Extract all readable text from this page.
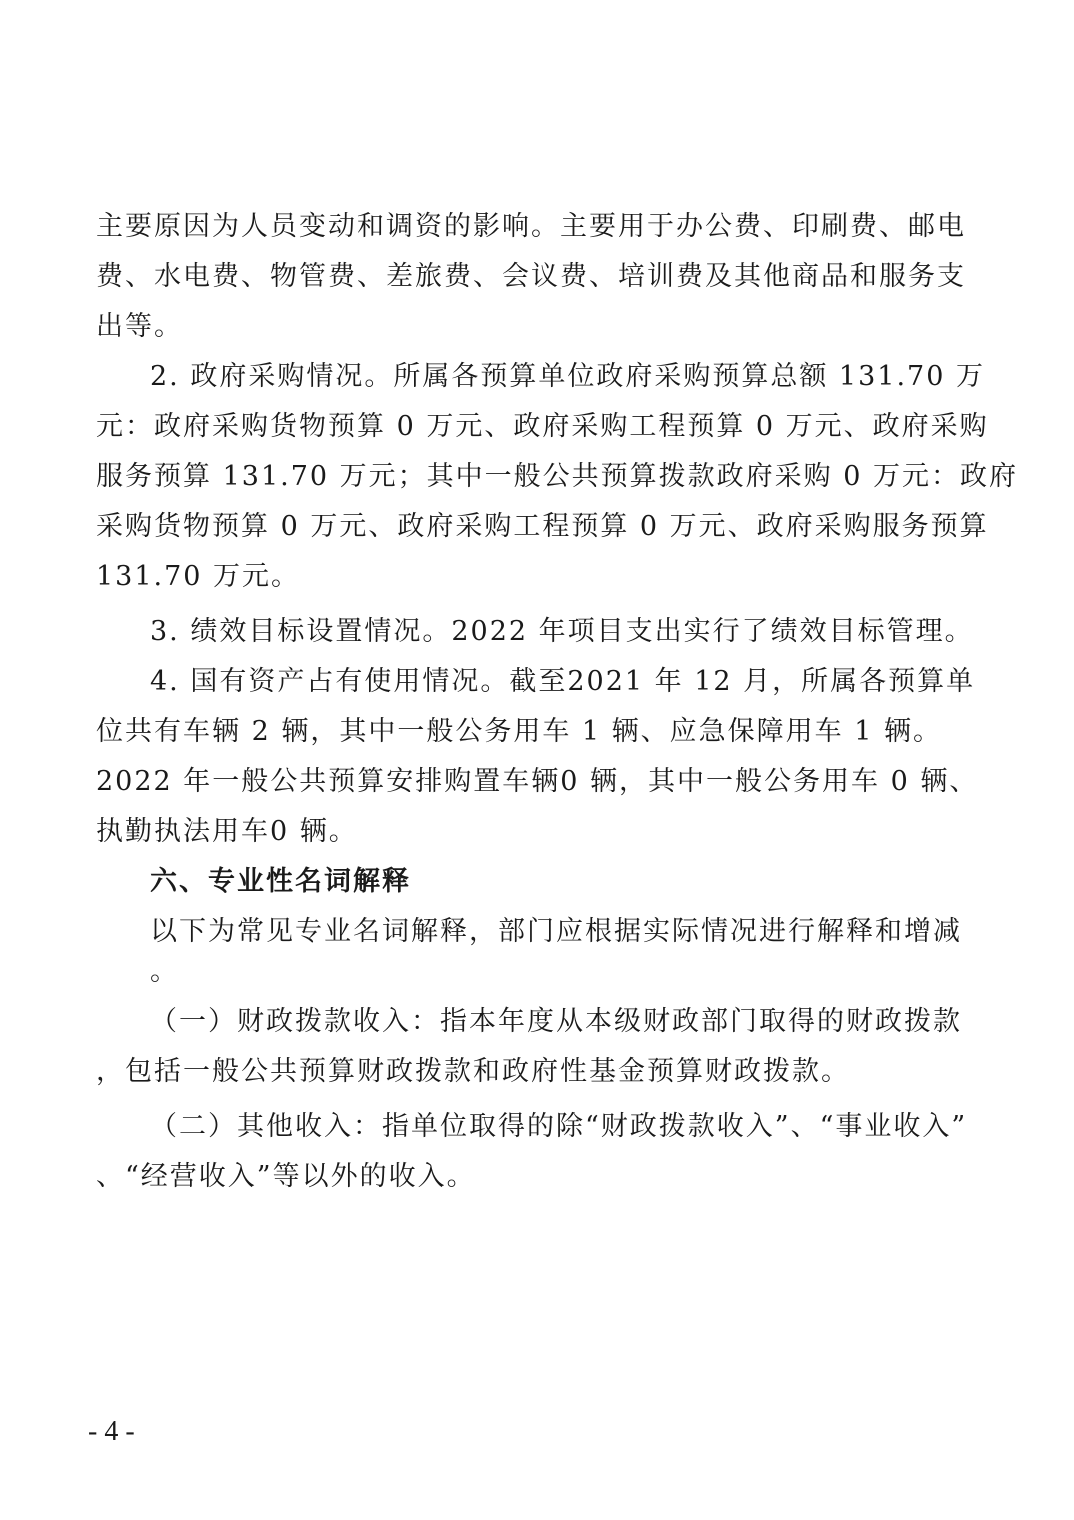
主要原因为人员变动和调资的影响。主要用于办公费、印刷费、邮电
费、水电费、物管费、差旅费、会议费、培训费及其他商品和服务支
出等。
2. 政府采购情况。所属各预算单位政府采购预算总额 131.70 万
元：政府采购货物预算 0 万元、政府采购工程预算 0 万元、政府采购
服务预算 131.70 万元；其中一般公共预算拨款政府采购 0 万元：政府
采购货物预算 0 万元、政府采购工程预算 0 万元、政府采购服务预算
131.70 万元。
3. 绩效目标设置情况。2022 年项目支出实行了绩效目标管理。
4. 国有资产占有使用情况。截至2021 年 12 月，所属各预算单
位共有车辆 2 辆，其中一般公务用车 1 辆、应急保障用车 1 辆。
2022 年一般公共预算安排购置车辆0 辆，其中一般公务用车 0 辆、
执勤执法用车0 辆。
六、专业性名词解释
以下为常见专业名词解释，部门应根据实际情况进行解释和增减
。
（一）财政拨款收入：指本年度从本级财政部门取得的财政拨款
，包括一般公共预算财政拨款和政府性基金预算财政拨款。
（二）其他收入：指单位取得的除“财政拨款收入”、“事业收入”
、“经营收入”等以外的收入。
- 4 -
